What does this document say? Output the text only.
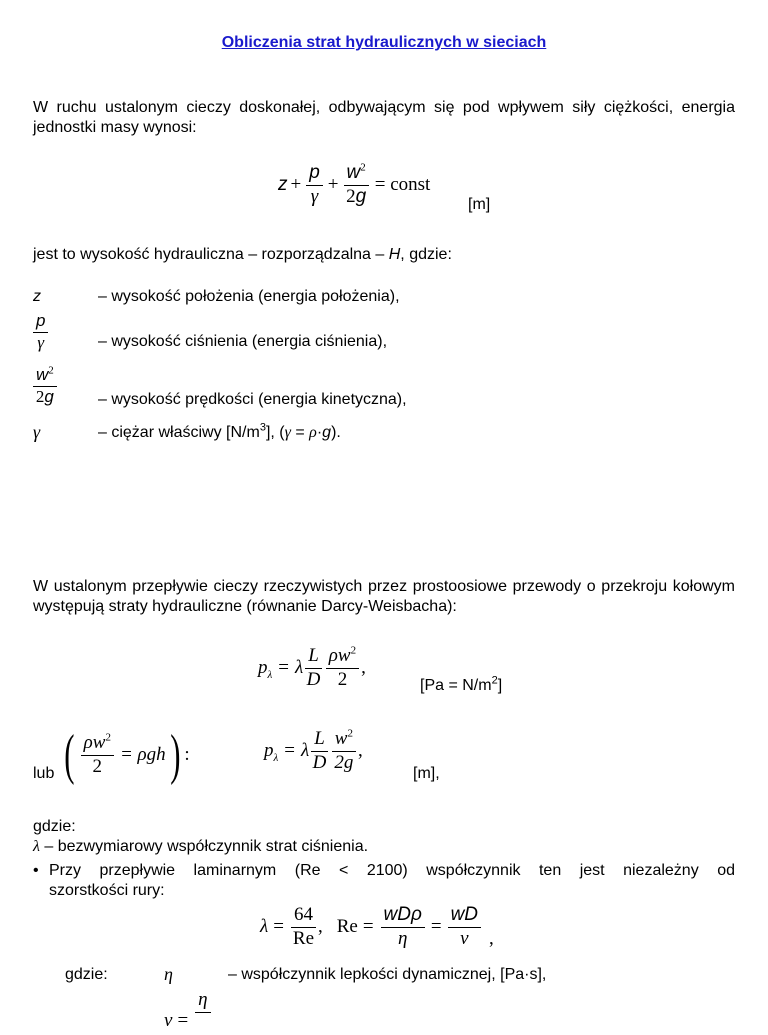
Obliczenia strat hydraulicznych w sieciach
W ruchu ustalonym cieczy doskonałej, odbywającym się pod wpływem siły ciężkości, energia jednostki masy wynosi:
$z + \frac{p}{\gamma} + \frac{w^2}{2g}$ = const
[m]
jest to wysokość hydrauliczna – rozporządzalna – H, gdzie:
z	– wysokość położenia (energia położenia),
$\frac{p}{\gamma}$	– wysokość ciśnienia (energia ciśnienia),
$\frac{w^2}{2g}$	– wysokość prędkości (energia kinetyczna),
γ	– ciężar właściwy $[N/m^3]$, (γ = ρ·g).
W ustalonym przepływie cieczy rzeczywistych przez prostoosiowe przewody o przekroju kołowym występują straty hydrauliczne (równanie Darcy-Weisbacha):
$p_\lambda = \lambda \frac{L}{D} \frac{\rho w^2}{2}$ ,
$[Pa = N/m^2]$
lub ( $\frac{\rho w^2}{2} = \rho gh$ ) :	$p_\lambda = \lambda \frac{L}{D} \frac{w^2}{2g}$ ,
[m],
gdzie:
λ – bezwymiarowy współczynnik strat ciśnienia.
• Przy przepływie laminarnym (Re < 2100) współczynnik ten jest niezależny od
szorstkości rury:
$\lambda = \frac{64}{Re}$ , $Re = \frac{\text{wDρ}}{\eta} = \frac{wD}{\nu}$ ,
gdzie:	η	– współczynnik lepkości dynamicznej, [Pa·s],
ν =
η
